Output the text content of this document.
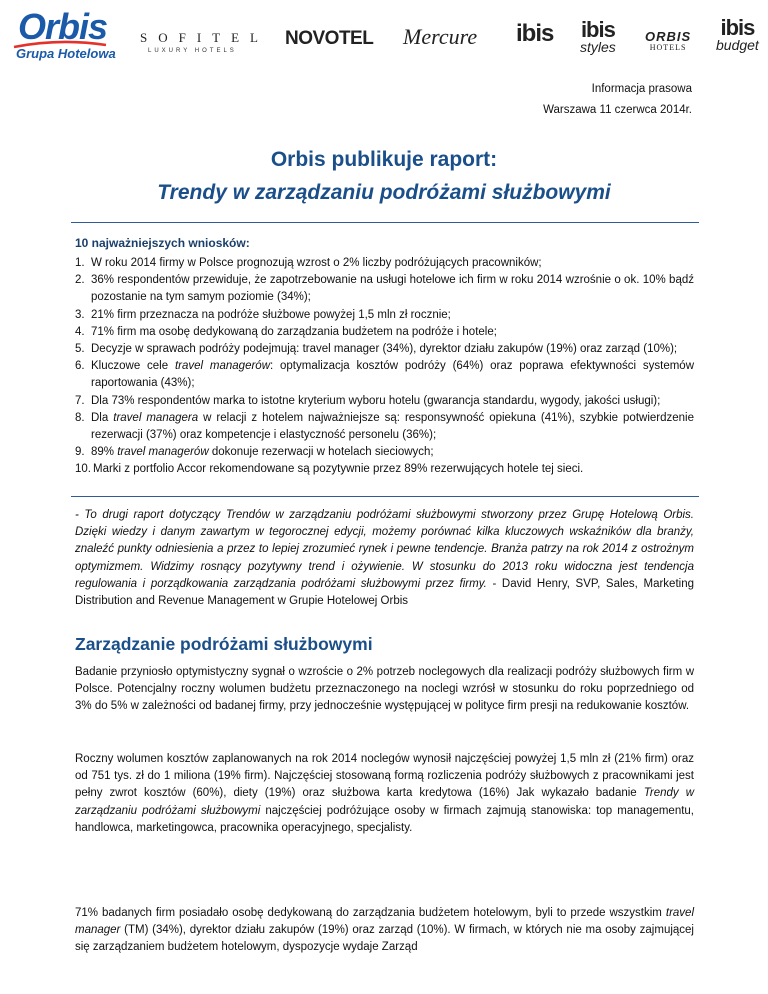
Orbis
Grupa Hotelowa
SOFITEL
LUXURY HOTELS
NOVOTEL Mercure ibis ibis
styles
ORBIS
HOTELS
ibis
budget
Informacja prasowa
Warszawa 11 czerwca 2014r.
Orbis publikuje raport:
Trendy w zarządzaniu podróżami służbowymi
10 najważniejszych wniosków:
1. W roku 2014 firmy w Polsce prognozują wzrost o 2% liczby podróżujących pracowników;
2. 36% respondentów przewiduje, że zapotrzebowanie na usługi hotelowe ich firm w roku 2014 wzrośnie o ok. 10% bądź pozostanie na tym samym poziomie (34%);
3. 21% firm przeznacza na podróże służbowe powyżej 1,5 mln zł rocznie;
4. 71% firm ma osobę dedykowaną do zarządzania budżetem na podróże i hotele;
5. Decyzje w sprawach podróży podejmują: travel manager (34%), dyrektor działu zakupów (19%) oraz zarząd (10%);
6. Kluczowe cele travel managerów: optymalizacja kosztów podróży (64%) oraz poprawa efektywności systemów raportowania (43%);
7. Dla 73% respondentów marka to istotne kryterium wyboru hotelu (gwarancja standardu, wygody, jakości usługi);
8. Dla travel managera w relacji z hotelem najważniejsze są: responsywność opiekuna (41%), szybkie potwierdzenie rezerwacji (37%) oraz kompetencje i elastyczność personelu (36%);
9. 89% travel managerów dokonuje rezerwacji w hotelach sieciowych;
10. Marki z portfolio Accor rekomendowane są pozytywnie przez 89% rezerwujących hotele tej sieci.
- To drugi raport dotyczący Trendów w zarządzaniu podróżami służbowymi stworzony przez Grupę Hotelową Orbis. Dzięki wiedzy i danym zawartym w tegorocznej edycji, możemy porównać kilka kluczowych wskaźników dla branży, znaleźć punkty odniesienia a przez to lepiej zrozumieć rynek i pewne tendencje. Branża patrzy na rok 2014 z ostrożnym optymizmem. Widzimy rosnący pozytywny trend i ożywienie. W stosunku do 2013 roku widoczna jest tendencja regulowania i porządkowania zarządzania podróżami służbowymi przez firmy. - David Henry, SVP, Sales, Marketing Distribution and Revenue Management w Grupie Hotelowej Orbis
Zarządzanie podróżami służbowymi
Badanie przyniosło optymistyczny sygnał o wzroście o 2% potrzeb noclegowych dla realizacji podróży służbowych firm w Polsce. Potencjalny roczny wolumen budżetu przeznaczonego na noclegi wzrósł w stosunku do roku poprzedniego od 3% do 5% w zależności od badanej firmy, przy jednocześnie występującej w polityce firm presji na redukowanie kosztów.
Roczny wolumen kosztów zaplanowanych na rok 2014 noclegów wynosił najczęściej powyżej 1,5 mln zł (21% firm) oraz od 751 tys. zł do 1 miliona (19% firm). Najczęściej stosowaną formą rozliczenia podróży służbowych z pracownikami jest pełny zwrot kosztów (60%), diety (19%) oraz służbowa karta kredytowa (16%) Jak wykazało badanie Trendy w zarządzaniu podróżami służbowymi najczęściej podróżujące osoby w firmach zajmują stanowiska: top managementu, handlowca, marketingowca, pracownika operacyjnego, specjalisty.
71% badanych firm posiadało osobę dedykowaną do zarządzania budżetem hotelowym, byli to przede wszystkim travel manager (TM) (34%), dyrektor działu zakupów (19%) oraz zarząd (10%). W firmach, w których nie ma osoby zajmującej się zarządzaniem budżetem hotelowym, dyspozycje wydaje Zarząd
